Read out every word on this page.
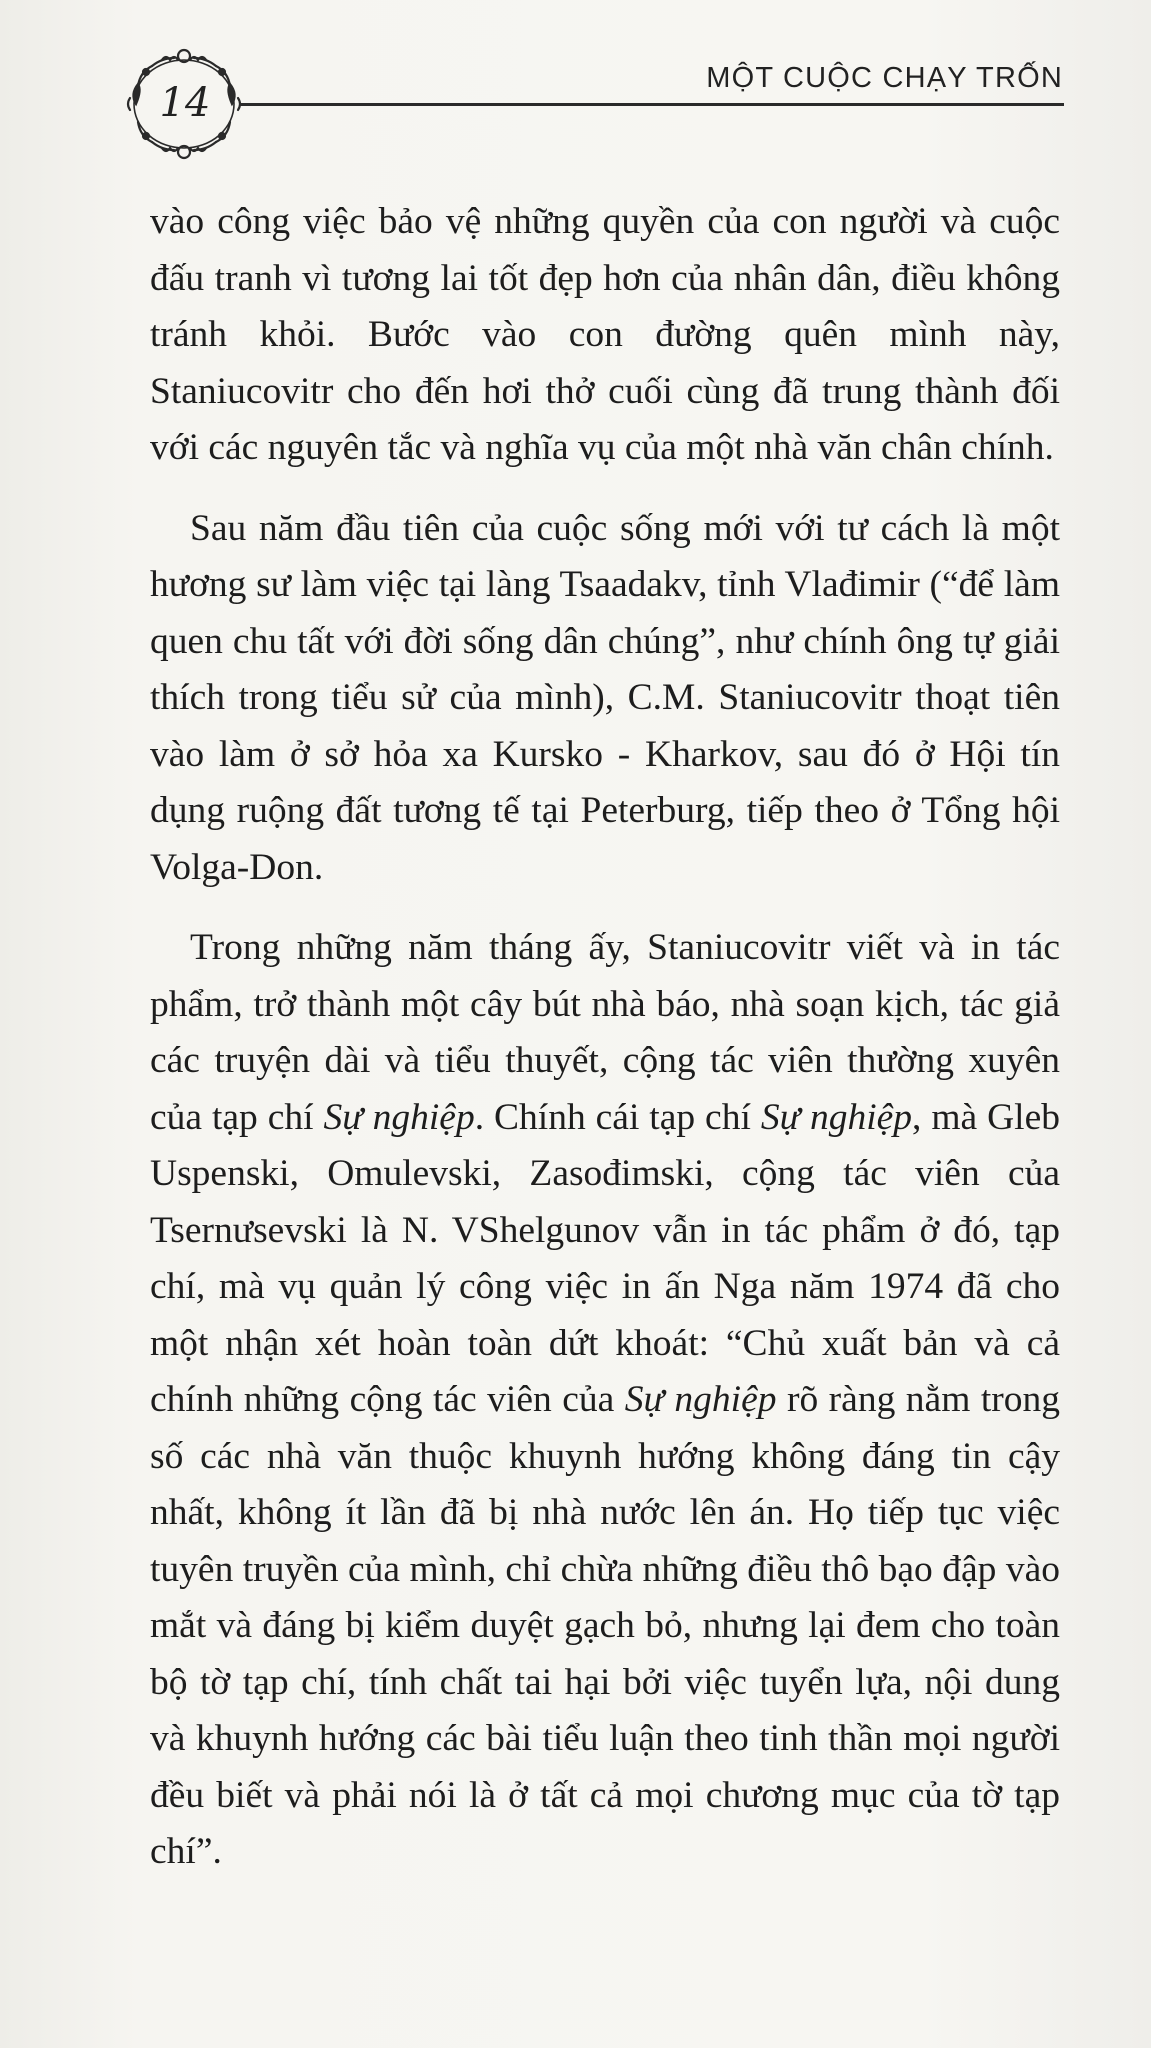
14
MỘT CUỘC CHẠY TRỐN

vào công việc bảo vệ những quyền của con người và cuộc đấu tranh vì tương lai tốt đẹp hơn của nhân dân, điều không tránh khỏi. Bước vào con đường quên mình này, Staniucovitr cho đến hơi thở cuối cùng đã trung thành đối với các nguyên tắc và nghĩa vụ của một nhà văn chân chính.

Sau năm đầu tiên của cuộc sống mới với tư cách là một hương sư làm việc tại làng Tsaadakv, tỉnh Vlađimir (“để làm quen chu tất với đời sống dân chúng”, như chính ông tự giải thích trong tiểu sử của mình), C.M. Staniucovitr thoạt tiên vào làm ở sở hỏa xa Kursko - Kharkov, sau đó ở Hội tín dụng ruộng đất tương tế tại Peterburg, tiếp theo ở Tổng hội Volga-Don.

Trong những năm tháng ấy, Staniucovitr viết và in tác phẩm, trở thành một cây bút nhà báo, nhà soạn kịch, tác giả các truyện dài và tiểu thuyết, cộng tác viên thường xuyên của tạp chí Sự nghiệp. Chính cái tạp chí Sự nghiệp, mà Gleb Uspenski, Omulevski, Zasođimski, cộng tác viên của Tsernưsevski là N. VShelgunov vẫn in tác phẩm ở đó, tạp chí, mà vụ quản lý công việc in ấn Nga năm 1974 đã cho một nhận xét hoàn toàn dứt khoát: “Chủ xuất bản và cả chính những cộng tác viên của Sự nghiệp rõ ràng nằm trong số các nhà văn thuộc khuynh hướng không đáng tin cậy nhất, không ít lần đã bị nhà nước lên án. Họ tiếp tục việc tuyên truyền của mình, chỉ chừa những điều thô bạo đập vào mắt và đáng bị kiểm duyệt gạch bỏ, nhưng lại đem cho toàn bộ tờ tạp chí, tính chất tai hại bởi việc tuyển lựa, nội dung và khuynh hướng các bài tiểu luận theo tinh thần mọi người đều biết và phải nói là ở tất cả mọi chương mục của tờ tạp chí”.
